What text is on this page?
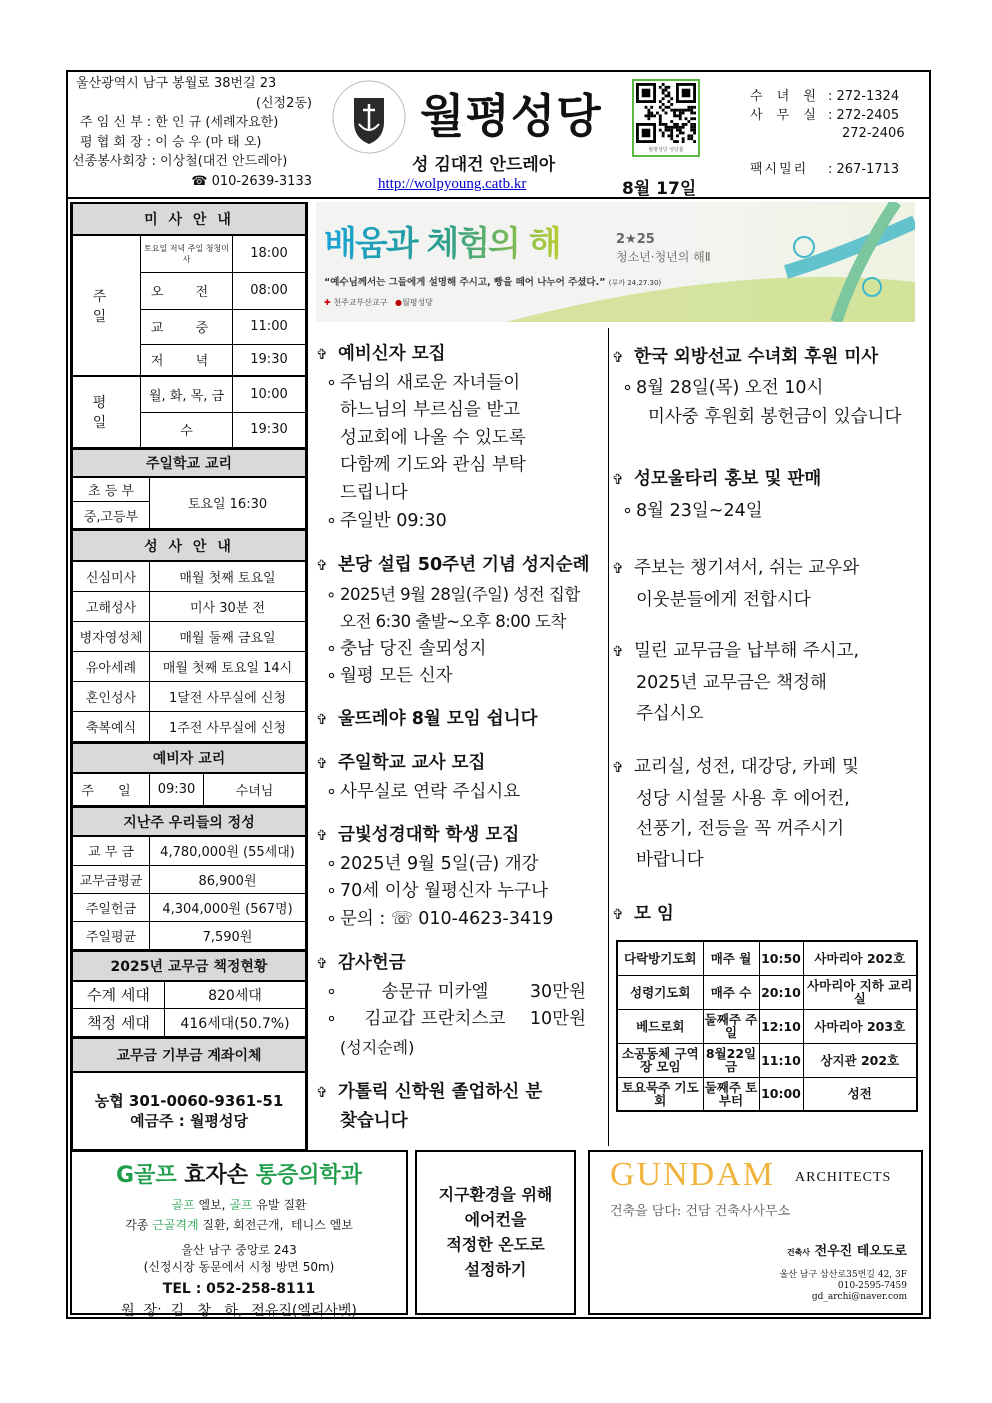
울산광역시 남구 봉월로 38번길 23
(신정2동)
주 임 신 부 : 한 인 규 (세례자요한)
평 협 회 장 : 이 승 우 (마 태 오)
선종봉사회장 : 이상철(대건 안드레아)
☎ 010-2639-3133
월평성당
성 김대건 안드레아
http://wolpyoung.catb.kr
월평성당 성당홈
8월 17일
수 녀 원 : 272-1324
사 무 실 : 272-2405
272-2406
팩시밀리	: 267-1713
미 사 안 내		
주 일	토요일 저녁 주일 청청미사	18:00
	오 전	08:00
	교 중	11:00
	저 녁	19:30
평 일	월, 화, 목, 금	10:00
	수	19:30
주일학교 교리
초 등 부	토요일 16:30
중,고등부
성 사 안 내	
신심미사	매월 첫째 토요일
고해성사	미사 30분 전
병자영성체	매월 둘째 금요일
유아세례	매월 첫째 토요일 14시
혼인성사	1달전 사무실에 신청
축복예식	1주전 사무실에 신청
예비자 교리
주 일	09:30	수녀님
지난주 우리들의 정성	
교 무 금	4,780,000원 (55세대)
교무금평균	86,900원
주일헌금	4,304,000원 (567명)
주일평균	7,590원
2025년 교무금 책정현황	
수계 세대	820세대
책정 세대	416세대(50.7%)
교무금 기부금 계좌이체

농협 301-0060-9361-51
예금주 : 월평성당
배움과 체험의 해	2★25
청소년·청년의 해Ⅱ
“예수님께서는 그들에게 설명해 주시고, 빵을 떼어 나누어 주셨다.” (루카 24,27.30)
✚ 천주교부산교구 ●월평성당
✞ 예비신자 모집
∘ 주님의 새로운 자녀들이
하느님의 부르심을 받고
성교회에 나올 수 있도록
다함께 기도와 관심 부탁
드립니다
∘ 주일반 09:30
✞ 본당 설립 50주년 기념 성지순례
∘ 2025년 9월 28일(주일) 성전 집합
오전 6:30 출발~오후 8:00 도착
∘ 충남 당진 솔뫼성지
∘ 월평 모든 신자
✞ 울뜨레야 8월 모임 쉽니다
✞ 주일학교 교사 모집
∘ 사무실로 연락 주십시요
✞ 금빛성경대학 학생 모집
∘ 2025년 9월 5일(금) 개강
∘ 70세 이상 월평신자 누구나
∘ 문의 : ☏ 010-4623-3419
✞ 감사헌금
∘ 송문규 미카엘 30만원
∘ 김교갑 프란치스코 10만원
(성지순례)
✞ 가톨릭 신학원 졸업하신 분
찾습니다
✞ 한국 외방선교 수녀회 후원 미사
∘ 8월 28일(목) 오전 10시
미사중 후원회 봉헌금이 있습니다
✞ 성모울타리 홍보 및 판매
∘ 8월 23일~24일
✞ 주보는 챙기셔서, 쉬는 교우와
이웃분들에게 전합시다
✞ 밀린 교무금을 납부해 주시고,
2025년 교무금은 책정해
주십시오
✞ 교리실, 성전, 대강당, 카페 및
성당 시설물 사용 후 에어컨,
선풍기, 전등을 꼭 꺼주시기
바랍니다
✞ 모 임
다락방기도회	매주 월	10:50	사마리아 202호
성령기도회	매주 수	20:10	사마리아 지하 교리실
베드로회	둘째주 주일	12:10	사마리아 203호
소공동체 구역장 모임	8월22일 금	11:10	상지관 202호
토요묵주 기도회	둘째주 토부터	10:00	성전
G골프 효자손 통증의학과
골프 엘보, 골프 유발 질환
각종 근골격계 질환, 회전근개,  테니스 엘보
울산 남구 중앙로 243
(신정시장 동문에서 시청 방면 50m)
TEL : 052-258-8111
원  장:  김   창   하,  전유진(엘리사벳)
지구환경을 위해
에어컨을
적정한 온도로
설정하기
GUNDAM ARCHITECTS
건축을 담다: 건담 건축사사무소
건축사 전우진 테오도로
울산 남구 삼산로35번길 42, 3F
010-2595-7459
gd_archi@naver.com
